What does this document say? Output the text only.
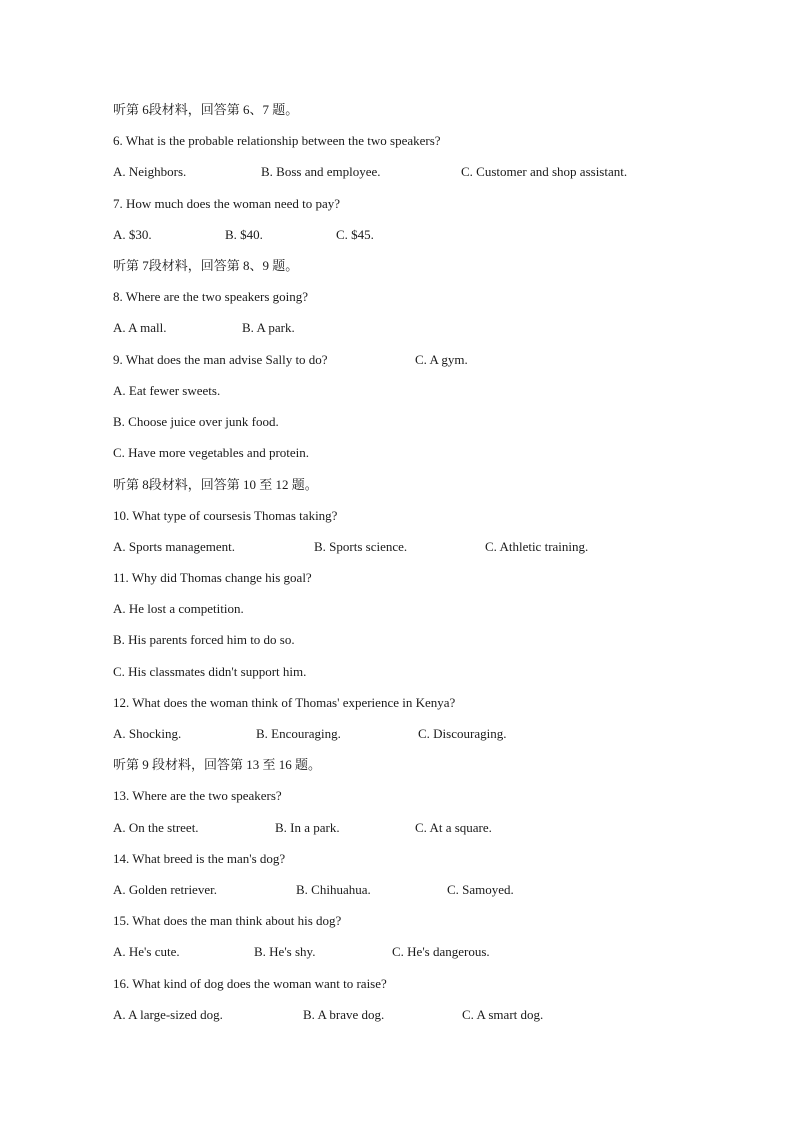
听第 6段材料，回答第 6、7 题。
6. What is the probable relationship between the two speakers?
A. Neighbors.	B. Boss and employee.	C. Customer and shop assistant.
7. How much does the woman need to pay?
A. $30.	B. $40.	C. $45.
听第 7段材料，回答第 8、9 题。
8. Where are the two speakers going?
A. A mall.	B. A park.
9. What does the man advise Sally to do?	C. A gym.
A. Eat fewer sweets.
B. Choose juice over junk food.
C. Have more vegetables and protein.
听第 8段材料，回答第 10 至 12 题。
10. What type of coursesis Thomas taking?
A. Sports management.	B. Sports science.	C. Athletic training.
11. Why did Thomas change his goal?
A. He lost a competition.
B. His parents forced him to do so.
C. His classmates didn't support him.
12. What does the woman think of Thomas' experience in Kenya?
A. Shocking.	B. Encouraging.	C. Discouraging.
听第 9 段材料，回答第 13 至 16 题。
13. Where are the two speakers?
A. On the street.	B. In a park.	C. At a square.
14. What breed is the man's dog?
A. Golden retriever.	B. Chihuahua.	C. Samoyed.
15. What does the man think about his dog?
A. He's cute.	B. He's shy.	C. He's dangerous.
16. What kind of dog does the woman want to raise?
A. A large-sized dog.	B. A brave dog.	C. A smart dog.
